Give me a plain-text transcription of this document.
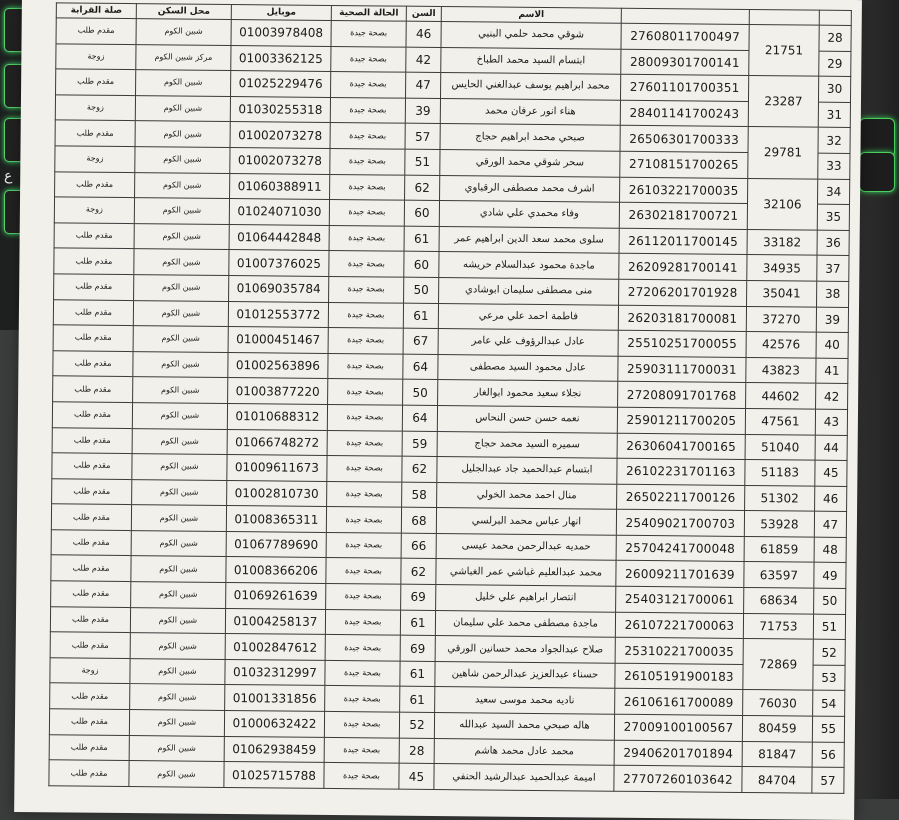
ع
			الاسم	السن	الحالة الصحية	موبايل	محل السكن	صلة القرابة
28	21751	27608011700497	شوقي محمد حلمي البنبي	46	بصحة جيدة	01003978408	شبين الكوم	مقدم طلب
29		28009301700141	ابتسام السيد محمد الطباخ	42	بصحة جيدة	01003362125	مركز شبين الكوم	زوجة
30	23287	27601101700351	محمد ابراهيم يوسف عبدالغني الحايس	47	بصحة جيدة	01025229476	شبين الكوم	مقدم طلب
31		28401141700243	هناء انور عرفان محمد	39	بصحة جيدة	01030255318	شبين الكوم	زوجة
32	29781	26506301700333	صبحي محمد ابراهيم حجاج	57	بصحة جيدة	01002073278	شبين الكوم	مقدم طلب
33		27108151700265	سحر شوقي محمد الورقي	51	بصحة جيدة	01002073278	شبين الكوم	زوجة
34	32106	26103221700035	اشرف محمد مصطفى الرقباوي	62	بصحة جيدة	01060388911	شبين الكوم	مقدم طلب
35		26302181700721	وفاء محمدي علي شادي	60	بصحة جيدة	01024071030	شبين الكوم	زوجة
36	33182	26112011700145	سلوى محمد سعد الدين ابراهيم عمر	61	بصحة جيدة	01064442848	شبين الكوم	مقدم طلب
37	34935	26209281700141	ماجدة محمود عبدالسلام حريشه	60	بصحة جيدة	01007376025	شبين الكوم	مقدم طلب
38	35041	27206201701928	منى مصطفى سليمان ابوشادي	50	بصحة جيدة	01069035784	شبين الكوم	مقدم طلب
39	37270	26203181700081	فاطمة احمد علي مرعي	61	بصحة جيدة	01012553772	شبين الكوم	مقدم طلب
40	42576	25510251700055	عادل عبدالرؤوف علي عامر	67	بصحة جيدة	01000451467	شبين الكوم	مقدم طلب
41	43823	25903111700031	عادل محمود السيد مصطفى	64	بصحة جيدة	01002563896	شبين الكوم	مقدم طلب
42	44602	27208091701768	نجلاء سعيد محمود ابوالغار	50	بصحة جيدة	01003877220	شبين الكوم	مقدم طلب
43	47561	25901211700205	نعمه حسن حسن النحاس	64	بصحة جيدة	01010688312	شبين الكوم	مقدم طلب
44	51040	26306041700165	سميره السيد محمد حجاج	59	بصحة جيدة	01066748272	شبين الكوم	مقدم طلب
45	51183	26102231701163	ابتسام عبدالحميد جاد عبدالجليل	62	بصحة جيدة	01009611673	شبين الكوم	مقدم طلب
46	51302	26502211700126	منال احمد محمد الخولي	58	بصحة جيدة	01002810730	شبين الكوم	مقدم طلب
47	53928	25409021700703	انهار عباس محمد البرلسي	68	بصحة جيدة	01008365311	شبين الكوم	مقدم طلب
48	61859	25704241700048	حمديه عبدالرحمن محمد عيسى	66	بصحة جيدة	01067789690	شبين الكوم	مقدم طلب
49	63597	26009211701639	محمد عبدالعليم غباشي عمر الغباشي	62	بصحة جيدة	01008366206	شبين الكوم	مقدم طلب
50	68634	25403121700061	انتصار ابراهيم علي خليل	69	بصحة جيدة	01069261639	شبين الكوم	مقدم طلب
51	71753	26107221700063	ماجدة مصطفى محمد علي سليمان	61	بصحة جيدة	01004258137	شبين الكوم	مقدم طلب
52	72869	25310221700035	صلاح عبدالجواد محمد حسانين الورقي	69	بصحة جيدة	01002847612	شبين الكوم	مقدم طلب
53		26105191900183	حسناء عبدالعزيز عبدالرحمن شاهين	61	بصحة جيدة	01032312997	شبين الكوم	زوجة
54	76030	26106161700089	ناديه محمد موسى سعيد	61	بصحة جيدة	01001331856	شبين الكوم	مقدم طلب
55	80459	27009100100567	هاله صبحي محمد السيد عبدالله	52	بصحة جيدة	01000632422	شبين الكوم	مقدم طلب
56	81847	29406201701894	محمد عادل محمد هاشم	28	بصحة جيدة	01062938459	شبين الكوم	مقدم طلب
57	84704	27707260103642	اميمة عبدالحميد عبدالرشيد الحنفي	45	بصحة جيدة	01025715788	شبين الكوم	مقدم طلب
